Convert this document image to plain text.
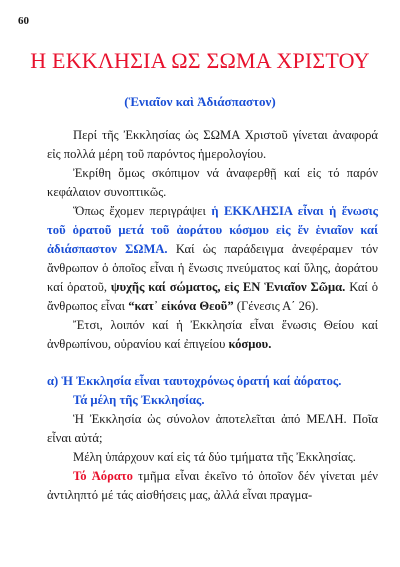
60
Η ΕΚΚΛΗΣΙΑ ΩΣ ΣΩΜΑ ΧΡΙΣΤΟΥ
(Ἑνιαῖον καὶ Ἀδιάσπαστον)

Περί τῆς Ἐκκλησίας ὡς ΣΩΜΑ Χριστοῦ γίνεται ἀναφορά εἰς πολλά μέρη τοῦ παρόντος ἡμερολογίου.

Ἐκρίθη ὅμως σκόπιμον νά ἀναφερθῇ καί εἰς τό παρόν κεφάλαιον συνοπτικῶς.

Ὅπως ἔχομεν περιγράψει ἡ ΕΚΚΛΗΣΙΑ εἶναι ἡ ἕνωσις τοῦ ὁρατοῦ μετά τοῦ ἀοράτου κόσμου εἰς ἕν ἑνιαῖον καί ἀδιάσπαστον ΣΩΜΑ. Καί ὡς παράδειγμα ἀνεφέραμεν τόν ἄνθρωπον ὁ ὁποῖος εἶναι ἡ ἕνωσις πνεύματος καί ὕλης, ἀοράτου καί ὁρατοῦ, ψυχῆς καί σώματος, εἰς ΕΝ Ἑνιαῖον Σῶμα. Καί ὁ ἄνθρωπος εἶναι “κατ᾽ εἰκόνα Θεοῦ” (Γένεσις Α΄ 26).

Ἔτσι, λοιπόν καί ἡ Ἐκκλησία εἶναι ἕνωσις Θείου καί ἀνθρωπίνου, οὐρανίου καί ἐπιγείου κόσμου.

α) Ἡ Ἐκκλησία εἶναι ταυτοχρόνως ὁρατή καί ἀόρατος.
Τά μέλη τῆς Ἐκκλησίας.

Ἡ Ἐκκλησία ὡς σύνολον ἀποτελεῖται ἀπό ΜΕΛΗ. Ποῖα εἶναι αὐτά;

Μέλη ὑπάρχουν καί εἰς τά δύο τμήματα τῆς Ἐκκλησίας.

Τό Ἀόρατο τμῆμα εἶναι ἐκεῖνο τό ὁποῖον δέν γίνεται μέν ἀντιληπτό μέ τάς αἰσθήσεις μας, ἀλλά εἶναι πραγμα-
